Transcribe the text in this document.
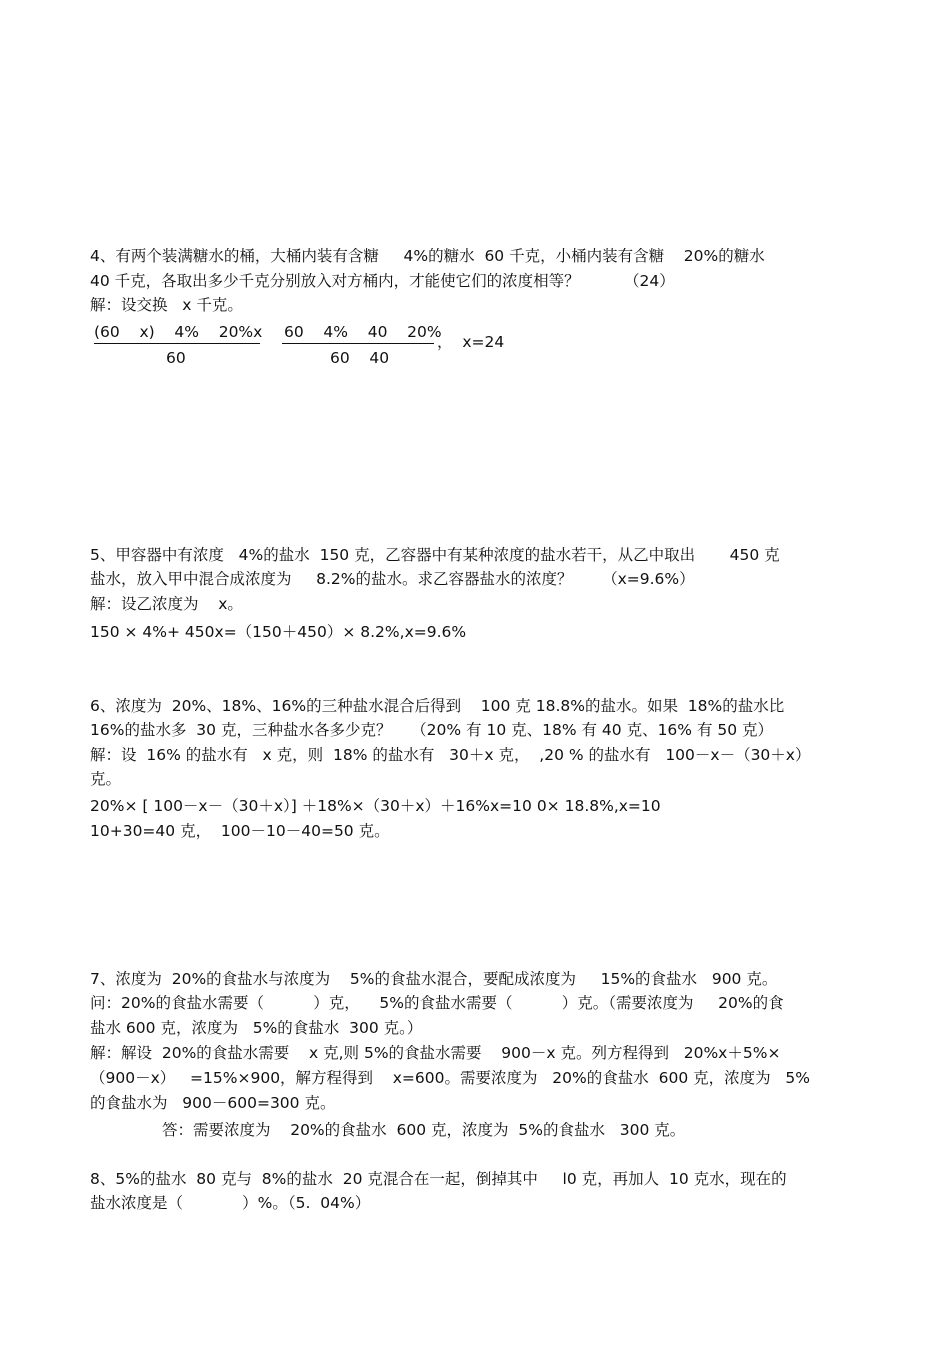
4、有两个装满糖水的桶，大桶内装有含糖     4%的糖水  60 千克，小桶内装有含糖    20%的糖水
40 千克，各取出多少千克分别放入对方桶内，才能使它们的浓度相等？         （24）
解：设交换   x 千克。
(60    x)    4%    20%x
60
60    4%    40    20%
60    40
，  x=24
5、甲容器中有浓度   4%的盐水  150 克，乙容器中有某种浓度的盐水若干，从乙中取出       450 克
盐水，放入甲中混合成浓度为     8.2%的盐水。求乙容器盐水的浓度？      （x=9.6%）
解：设乙浓度为    x。
150 × 4%+ 450x=（150＋450）× 8.2%,x=9.6%
6、浓度为  20%、18%、16%的三种盐水混合后得到    100 克 18.8%的盐水。如果  18%的盐水比
16%的盐水多  30 克，三种盐水各多少克？    （20% 有 10 克、18% 有 40 克、16% 有 50 克）
解：设  16% 的盐水有   x 克，则  18% 的盐水有   30＋x 克，  ,20 % 的盐水有   100－x－（30＋x）
克。
20%× [ 100－x－（30＋x）] ＋18%×（30＋x）＋16%x=10 0× 18.8%,x=10
10+30=40 克，  100－10－40=50 克。
7、浓度为  20%的食盐水与浓度为    5%的食盐水混合，要配成浓度为     15%的食盐水   900 克。
问：20%的食盐水需要（          ）克，    5%的食盐水需要（          ）克。（需要浓度为     20%的食
盐水 600 克，浓度为   5%的食盐水  300 克。）
解：解设  20%的食盐水需要    x 克,则 5%的食盐水需要    900－x 克。列方程得到   20%x＋5%×
（900－x）   =15%×900，解方程得到    x=600。需要浓度为   20%的食盐水  600 克，浓度为   5%
的食盐水为   900－600=300 克。
答：需要浓度为    20%的食盐水  600 克，浓度为  5%的食盐水   300 克。
8、5%的盐水  80 克与  8%的盐水  20 克混合在一起，倒掉其中     l0 克，再加人  10 克水，现在的
盐水浓度是（            ）%。（5.  04%）
